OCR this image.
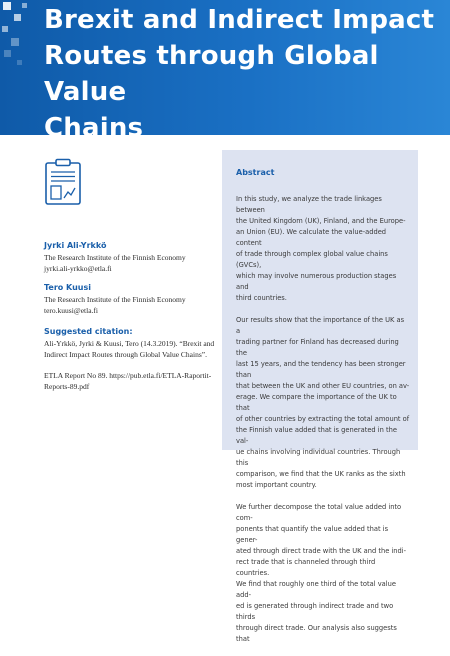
Brexit and Indirect Impact
Routes through Global Value
Chains
Jyrki Ali-Yrkkö
The Research Institute of the Finnish Economy
jyrki.ali-yrkko@etla.fi
Tero Kuusi
The Research Institute of the Finnish Economy
tero.kuusi@etla.fi
Suggested citation:
Ali-Yrkkö, Jyrki & Kuusi, Tero (14.3.2019). “Brexit and Indirect Impact Routes through Global Value Chains”.
ETLA Report No 89. https://pub.etla.fi/ETLA-Raportit-Reports-89.pdf
Abstract

In this study, we analyze the trade linkages between
the United Kingdom (UK), Finland, and the Europe-
an Union (EU). We calculate the value-added content
of trade through complex global value chains (GVCs),
which may involve numerous production stages and
third countries.

Our results show that the importance of the UK as a
trading partner for Finland has decreased during the
last 15 years, and the tendency has been stronger than
that between the UK and other EU countries, on av-
erage. We compare the importance of the UK to that
of other countries by extracting the total amount of
the Finnish value added that is generated in the val-
ue chains involving individual countries. Through this
comparison, we find that the UK ranks as the sixth
most important country.

We further decompose the total value added into com-
ponents that quantify the value added that is gener-
ated through direct trade with the UK and the indi-
rect trade that is channeled through third countries.
We find that roughly one third of the total value add-
ed is generated through indirect trade and two thirds
through direct trade. Our analysis also suggests that
